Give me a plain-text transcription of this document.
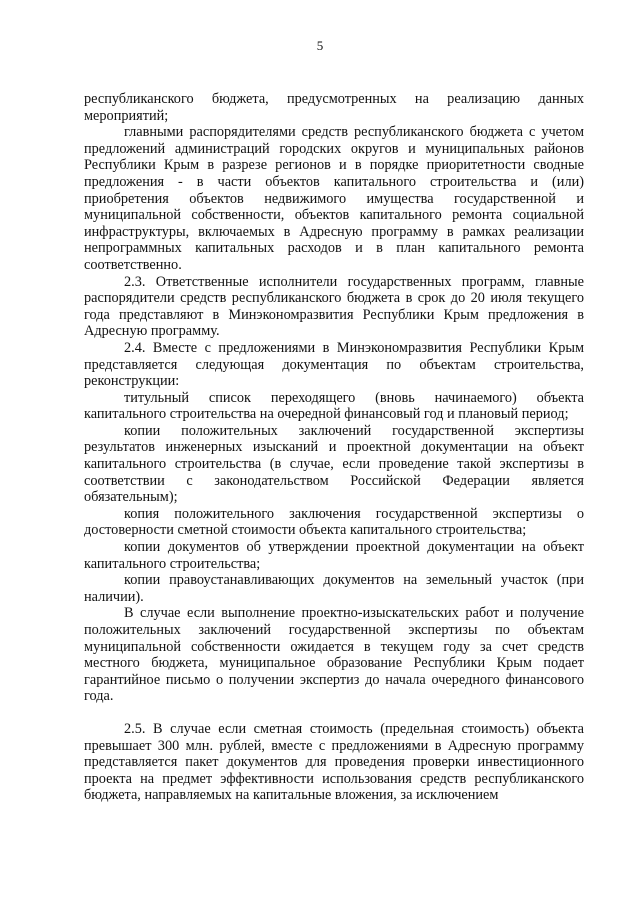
5

республиканского бюджета, предусмотренных на реализацию данных мероприятий;

главными распорядителями средств республиканского бюджета с учетом предложений администраций городских округов и муниципальных районов Республики Крым в разрезе регионов и в порядке приоритетности сводные предложения - в части объектов капитального строительства и (или) приобретения объектов недвижимого имущества государственной и муниципальной собственности, объектов капитального ремонта социальной инфраструктуры, включаемых в Адресную программу в рамках реализации непрограммных капитальных расходов и в план капитального ремонта соответственно.

2.3. Ответственные исполнители государственных программ, главные распорядители средств республиканского бюджета в срок до 20 июля текущего года представляют в Минэкономразвития Республики Крым предложения в Адресную программу.

2.4. Вместе с предложениями в Минэкономразвития Республики Крым представляется следующая документация по объектам строительства, реконструкции:

титульный список переходящего (вновь начинаемого) объекта капитального строительства на очередной финансовый год и плановый период;

копии положительных заключений государственной экспертизы результатов инженерных изысканий и проектной документации на объект капитального строительства (в случае, если проведение такой экспертизы в соответствии с законодательством Российской Федерации является обязательным);

копия положительного заключения государственной экспертизы о достоверности сметной стоимости объекта капитального строительства;

копии документов об утверждении проектной документации на объект капитального строительства;

копии правоустанавливающих документов на земельный участок (при наличии).

В случае если выполнение проектно-изыскательских работ и получение положительных заключений государственной экспертизы по объектам муниципальной собственности ожидается в текущем году за счет средств местного бюджета, муниципальное образование Республики Крым подает гарантийное письмо о получении экспертиз до начала очередного финансового года.

2.5. В случае если сметная стоимость (предельная стоимость) объекта превышает 300 млн. рублей, вместе с предложениями в Адресную программу представляется пакет документов для проведения проверки инвестиционного проекта на предмет эффективности использования средств республиканского бюджета, направляемых на капитальные вложения, за исключением
